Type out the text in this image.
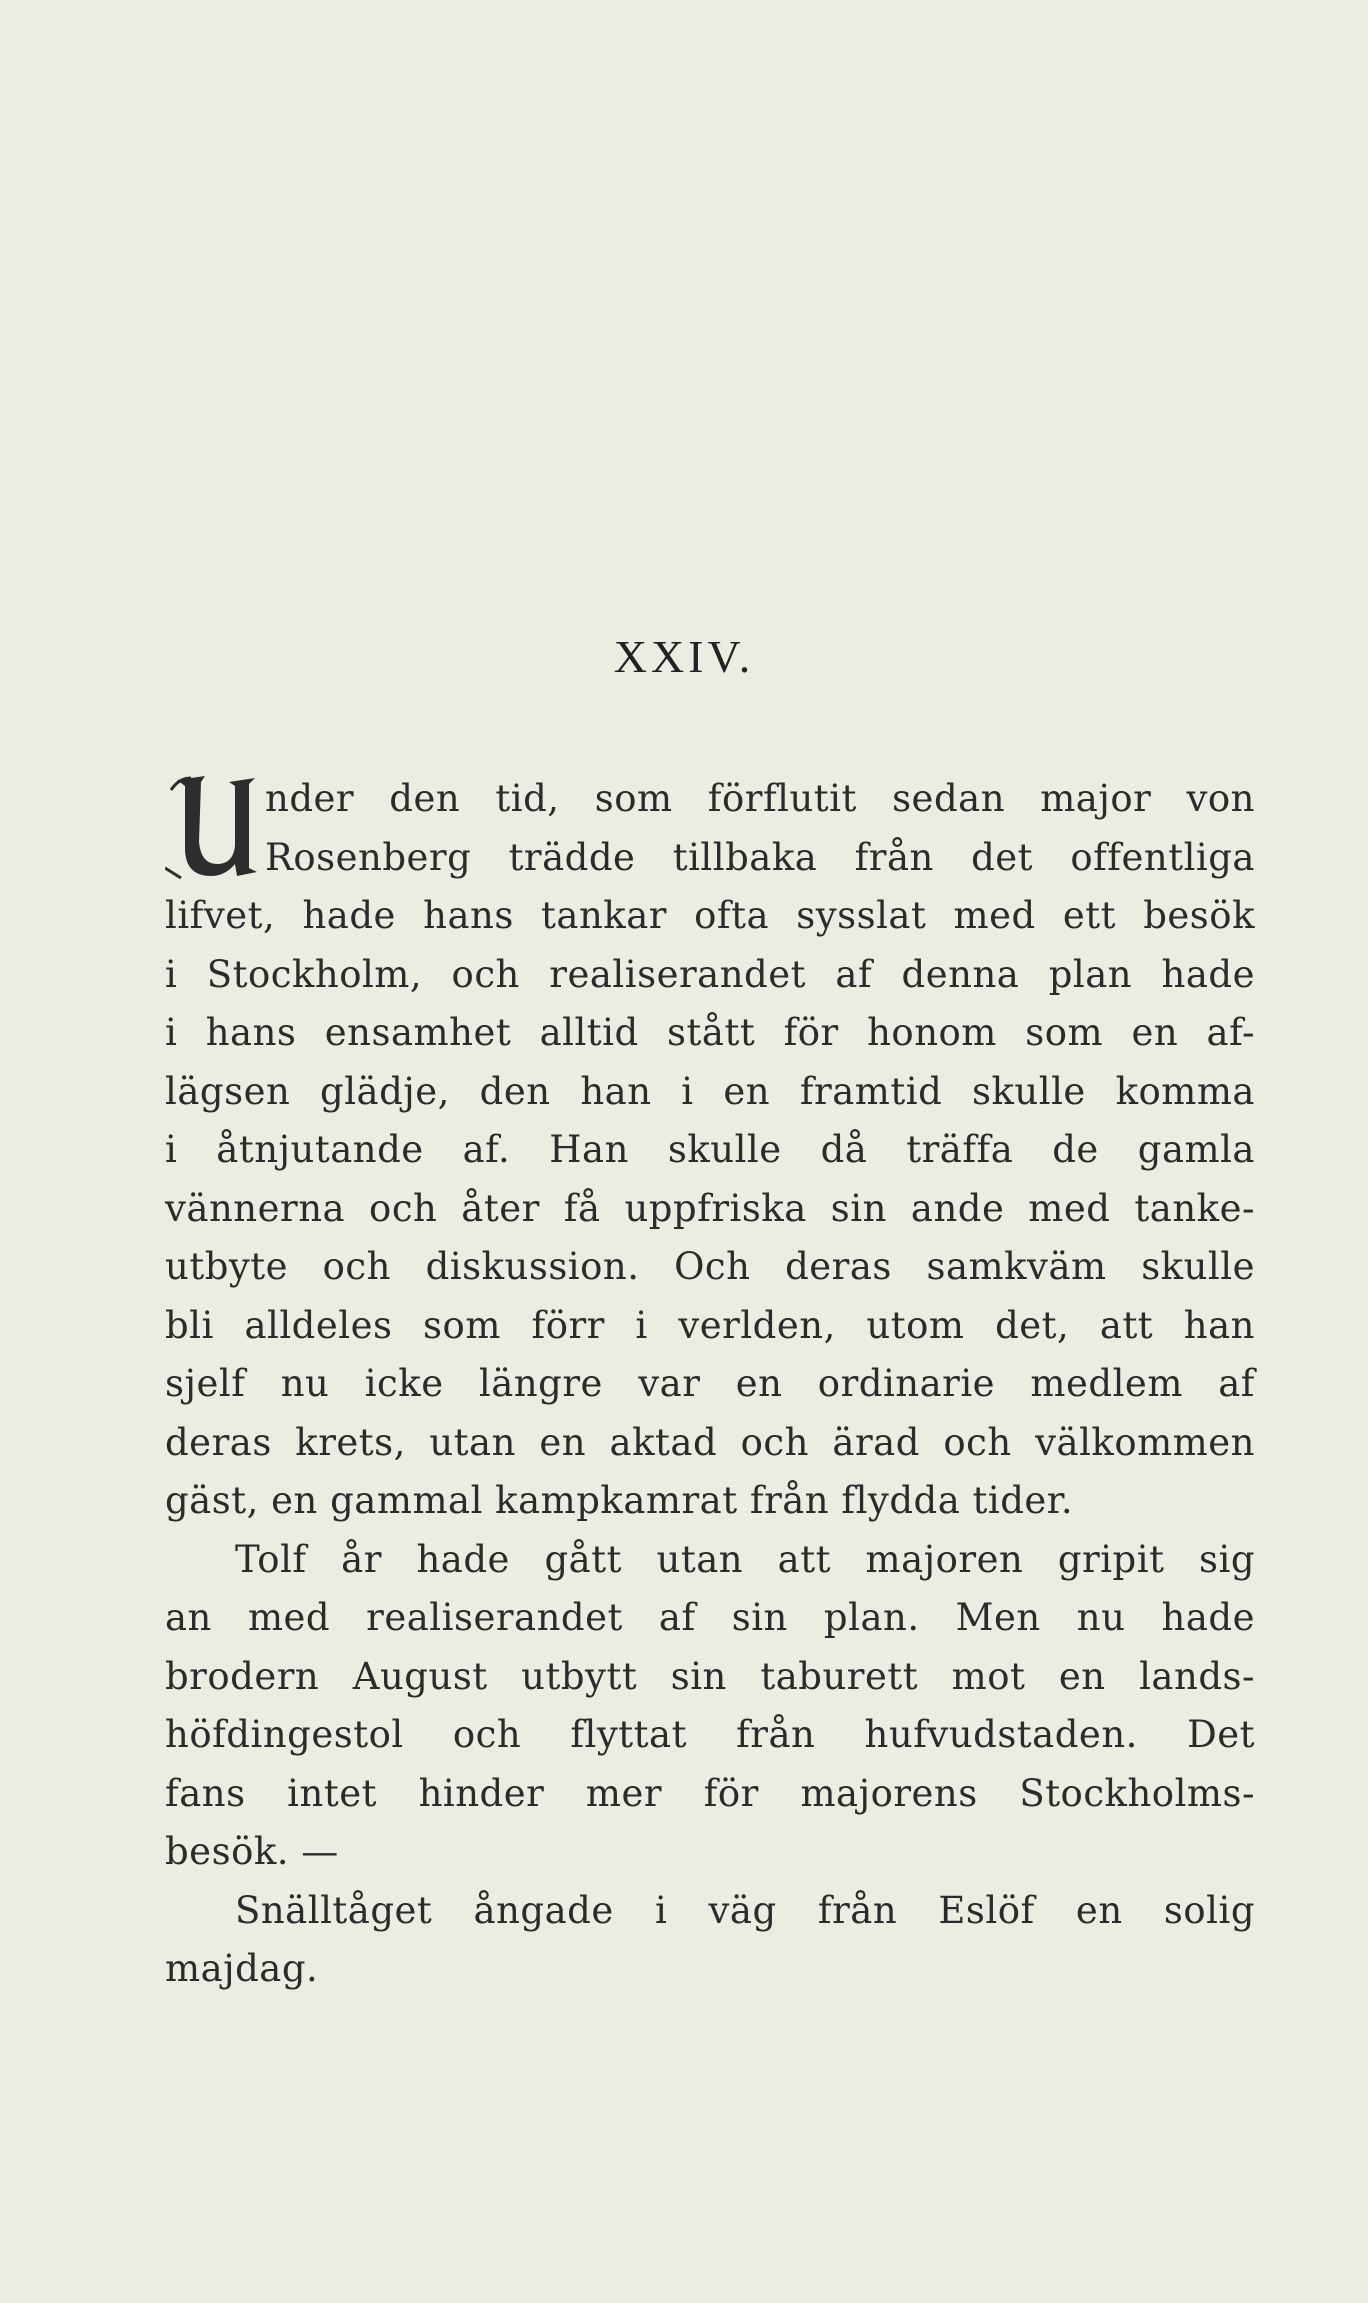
XXIV.
nder den tid, som förflutit sedan major von
Rosenberg trädde tillbaka från det offentliga
lifvet, hade hans tankar ofta sysslat med ett besök
i Stockholm, och realiserandet af denna plan hade
i hans ensamhet alltid stått för honom som en af-
lägsen glädje, den han i en framtid skulle komma
i åtnjutande af. Han skulle då träffa de gamla
vännerna och åter få uppfriska sin ande med tanke-
utbyte och diskussion. Och deras samkväm skulle
bli alldeles som förr i verlden, utom det, att han
sjelf nu icke längre var en ordinarie medlem af
deras krets, utan en aktad och ärad och välkommen
gäst, en gammal kampkamrat från flydda tider.
Tolf år hade gått utan att majoren gripit sig
an med realiserandet af sin plan. Men nu hade
brodern August utbytt sin taburett mot en lands-
höfdingestol och flyttat från hufvudstaden. Det
fans intet hinder mer för majorens Stockholms-
besök. —
Snälltåget ångade i väg från Eslöf en solig
majdag.
